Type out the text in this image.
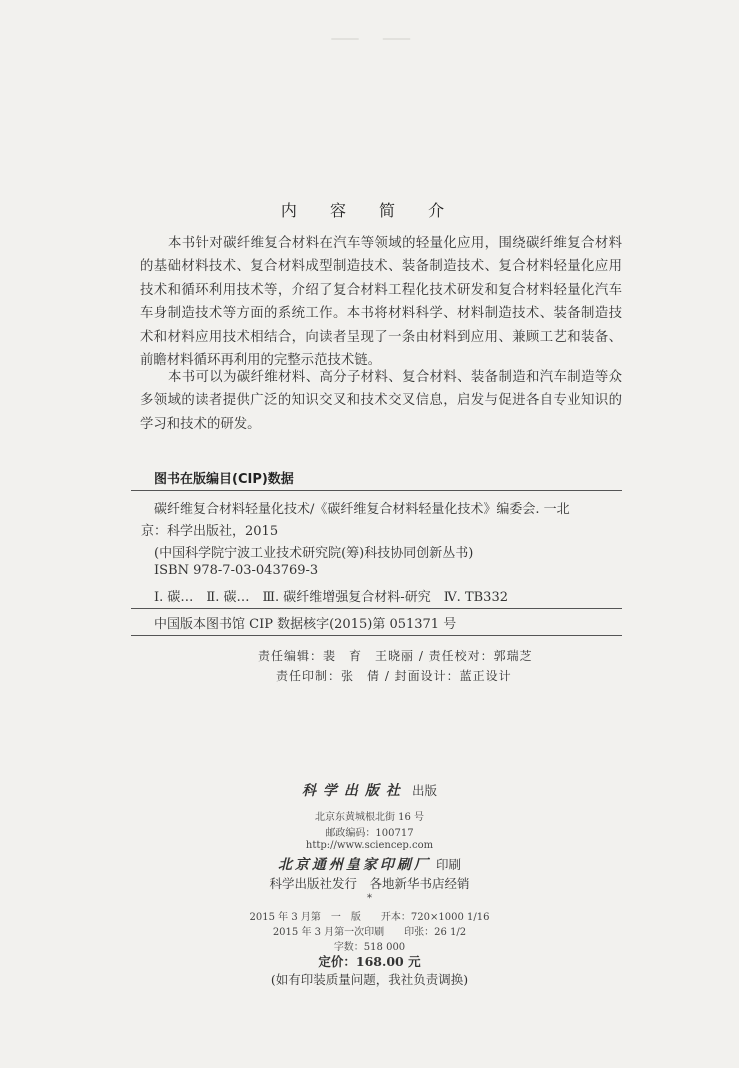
— —
内 容 简 介

本书针对碳纤维复合材料在汽车等领域的轻量化应用，围绕碳纤维复合材料的基础材料技术、复合材料成型制造技术、装备制造技术、复合材料轻量化应用技术和循环利用技术等，介绍了复合材料工程化技术研发和复合材料轻量化汽车车身制造技术等方面的系统工作。本书将材料科学、材料制造技术、装备制造技术和材料应用技术相结合，向读者呈现了一条由材料到应用、兼顾工艺和装备、前瞻材料循环再利用的完整示范技术链。

本书可以为碳纤维材料、高分子材料、复合材料、装备制造和汽车制造等众多领域的读者提供广泛的知识交叉和技术交叉信息，启发与促进各自专业知识的学习和技术的研发。

图书在版编目(CIP)数据
碳纤维复合材料轻量化技术/《碳纤维复合材料轻量化技术》编委会. 一北
京：科学出版社，2015
(中国科学院宁波工业技术研究院(筹)科技协同创新丛书)
ISBN 978-7-03-043769-3
Ⅰ. 碳…　Ⅱ. 碳…　Ⅲ. 碳纤维增强复合材料-研究　Ⅳ. TB332
中国版本图书馆 CIP 数据核字(2015)第 051371 号
责任编辑：裴　育　王晓丽 / 责任校对：郭瑞芝
责任印制：张　倩 / 封面设计：蓝正设计
科学出版社 出版
北京东黄城根北街 16 号
邮政编码：100717
http://www.sciencep.com
北京通州皇家印刷厂 印刷
科学出版社发行　各地新华书店经销
*
2015 年 3 月第　一　版　　开本：720×1000 1/16
2015 年 3 月第一次印刷　　印张：26 1/2
字数：518 000
定价：168.00 元
(如有印装质量问题，我社负责调换)
